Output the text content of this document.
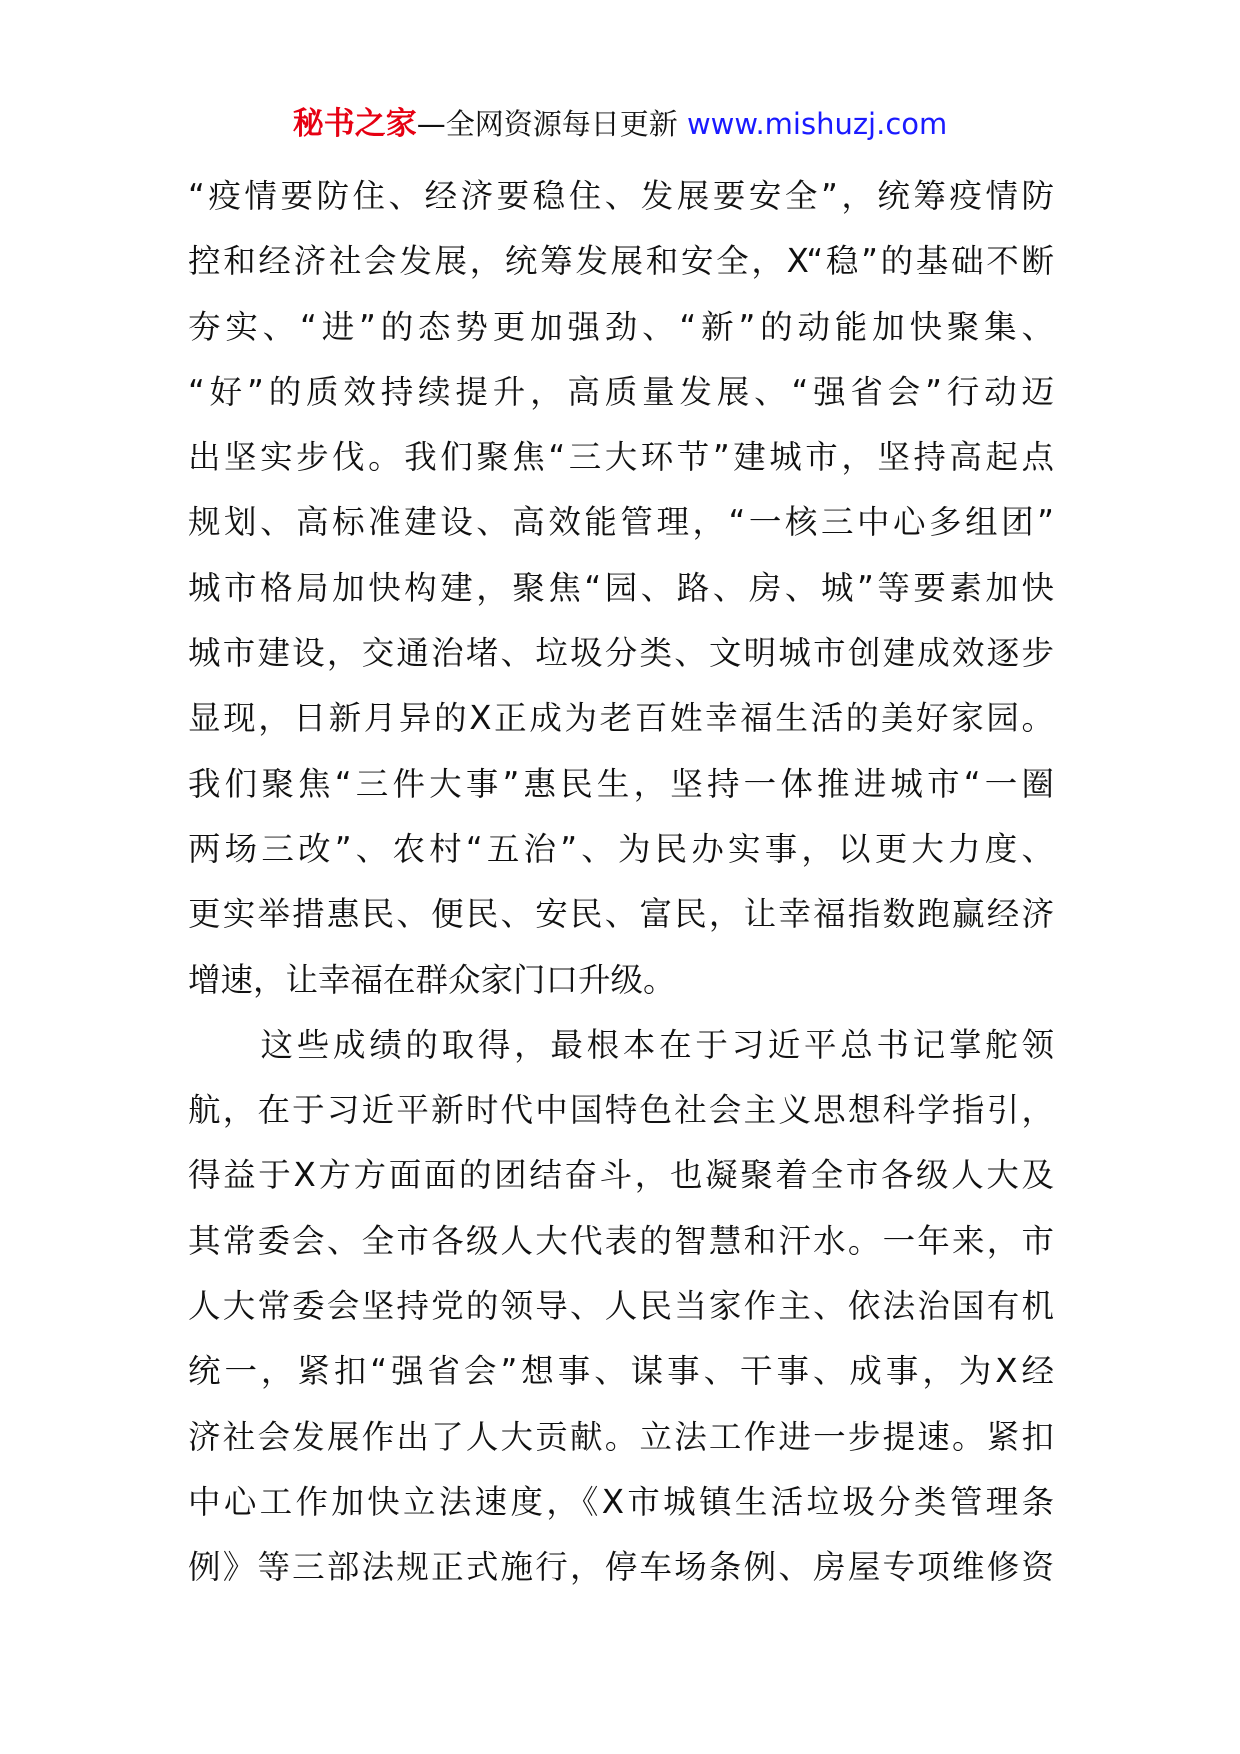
秘书之家—全网资源每日更新 www.mishuzj.com
“疫情要防住、经济要稳住、发展要安全”，统筹疫情防
控和经济社会发展，统筹发展和安全，X“稳”的基础不断
夯实、“进”的态势更加强劲、“新”的动能加快聚集、
“好”的质效持续提升，高质量发展、“强省会”行动迈
出坚实步伐。我们聚焦“三大环节”建城市，坚持高起点
规划、高标准建设、高效能管理，“一核三中心多组团”
城市格局加快构建，聚焦“园、路、房、城”等要素加快
城市建设，交通治堵、垃圾分类、文明城市创建成效逐步
显现，日新月异的X正成为老百姓幸福生活的美好家园。
我们聚焦“三件大事”惠民生，坚持一体推进城市“一圈
两场三改”、农村“五治”、为民办实事，以更大力度、
更实举措惠民、便民、安民、富民，让幸福指数跑赢经济
增速，让幸福在群众家门口升级。
　　这些成绩的取得，最根本在于习近平总书记掌舵领
航，在于习近平新时代中国特色社会主义思想科学指引，
得益于X方方面面的团结奋斗，也凝聚着全市各级人大及
其常委会、全市各级人大代表的智慧和汗水。一年来，市
人大常委会坚持党的领导、人民当家作主、依法治国有机
统一，紧扣“强省会”想事、谋事、干事、成事，为X经
济社会发展作出了人大贡献。立法工作进一步提速。紧扣
中心工作加快立法速度，《X市城镇生活垃圾分类管理条
例》等三部法规正式施行，停车场条例、房屋专项维修资
